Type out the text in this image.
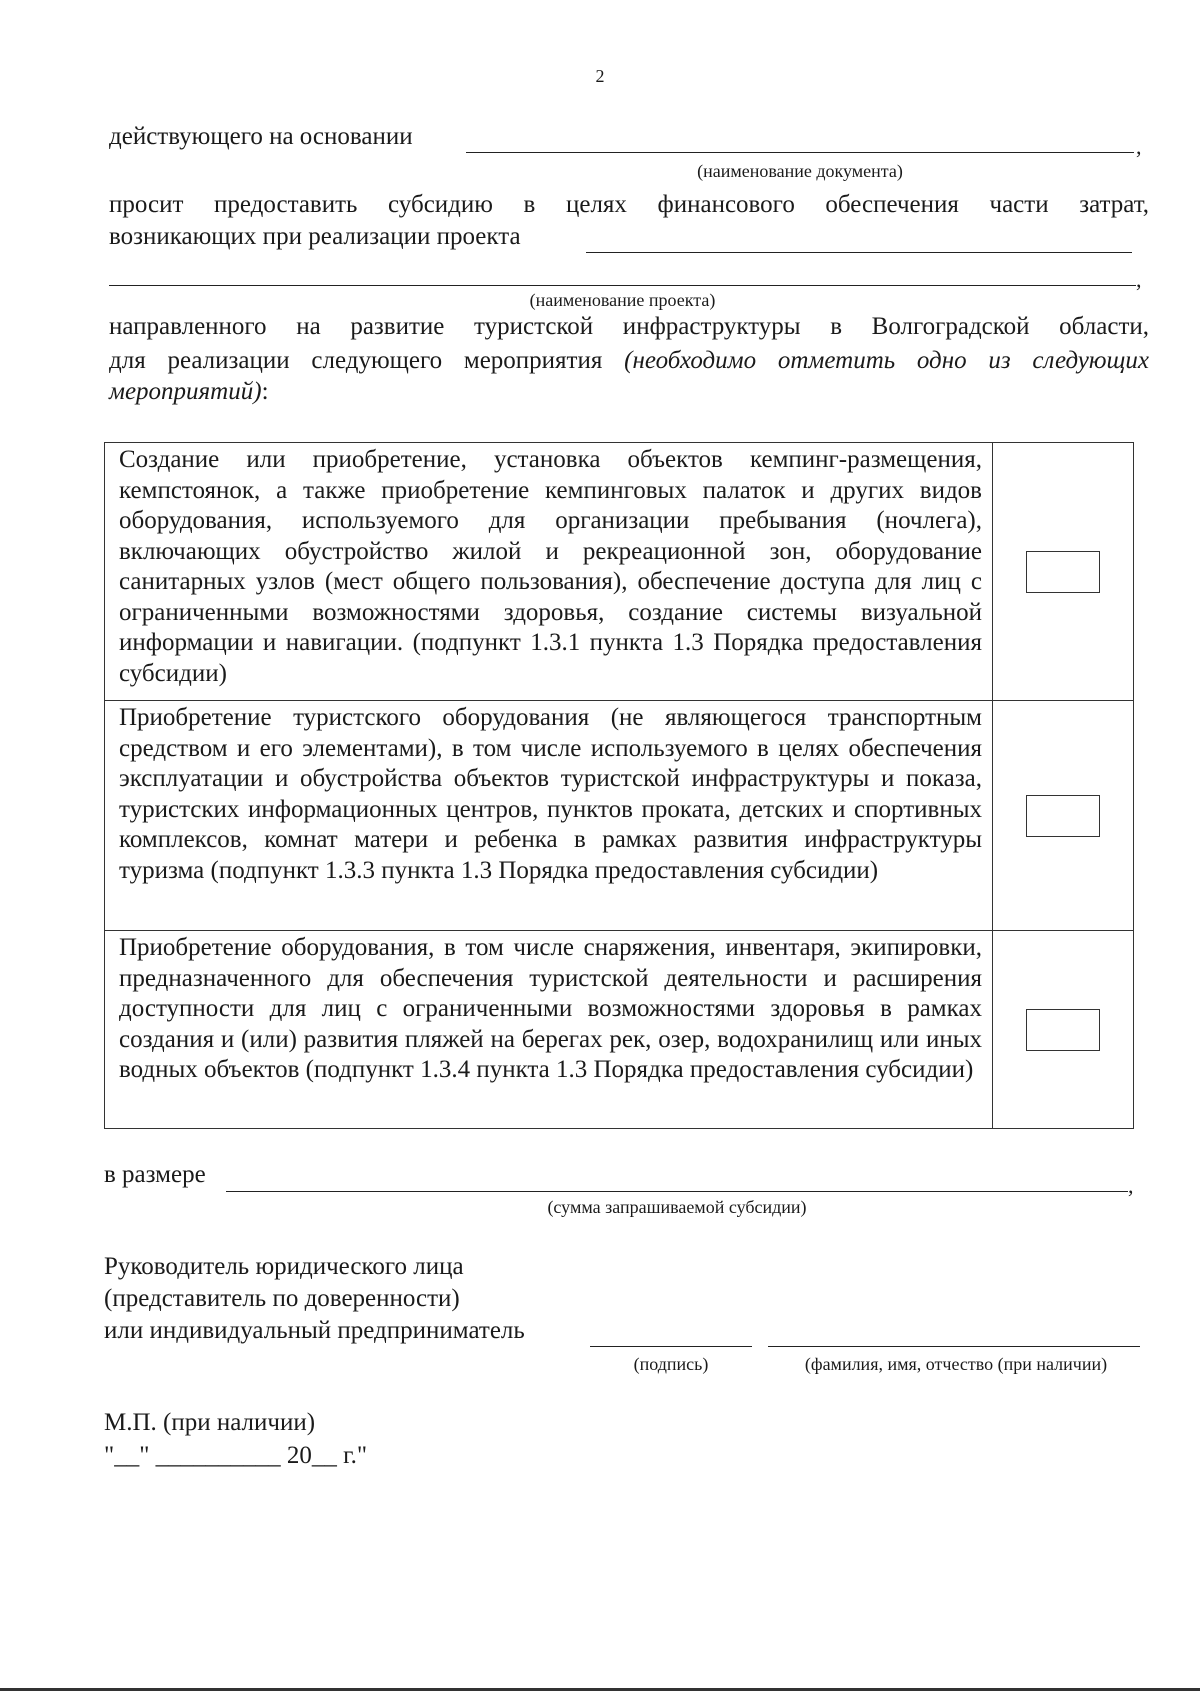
2
действующего на основании	,
(наименование документа)
просит предоставить субсидию в целях финансового обеспечения части затрат,
возникающих при реализации проекта
,
(наименование проекта)
направленного на развитие туристской инфраструктуры в Волгоградской области,
для реализации следующего мероприятия (необходимо отметить одно из следующих
мероприятий):
Создание или приобретение, установка объектов кемпинг-размещения, кемпстоянок, а также приобретение кемпинговых палаток и других видов оборудования, используемого для организации пребывания (ночлега), включающих обустройство жилой и рекреационной зон, оборудование санитарных узлов (мест общего пользования), обеспечение доступа для лиц с ограниченными возможностями здоровья, создание системы визуальной информации и навигации. (подпункт 1.3.1 пункта 1.3 Порядка предоставления субсидии)
Приобретение туристского оборудования (не являющегося транспортным средством и его элементами), в том числе используемого в целях обеспечения эксплуатации и обустройства объектов туристской инфраструктуры и показа, туристских информационных центров, пунктов проката, детских и спортивных комплексов, комнат матери и ребенка в рамках развития инфраструктуры туризма (подпункт 1.3.3 пункта 1.3 Порядка предоставления субсидии)
Приобретение оборудования, в том числе снаряжения, инвентаря, экипировки, предназначенного для обеспечения туристской деятельности и расширения доступности для лиц с ограниченными возможностями здоровья в рамках создания и (или) развития пляжей на берегах рек, озер, водохранилищ или иных водных объектов (подпункт 1.3.4 пункта 1.3 Порядка предоставления субсидии)
в размере	,
(сумма запрашиваемой субсидии)
Руководитель юридического лица
(представитель по доверенности)
или индивидуальный предприниматель
(подпись)	(фамилия, имя, отчество (при наличии)
М.П. (при наличии)
"__" __________ 20__ г."
